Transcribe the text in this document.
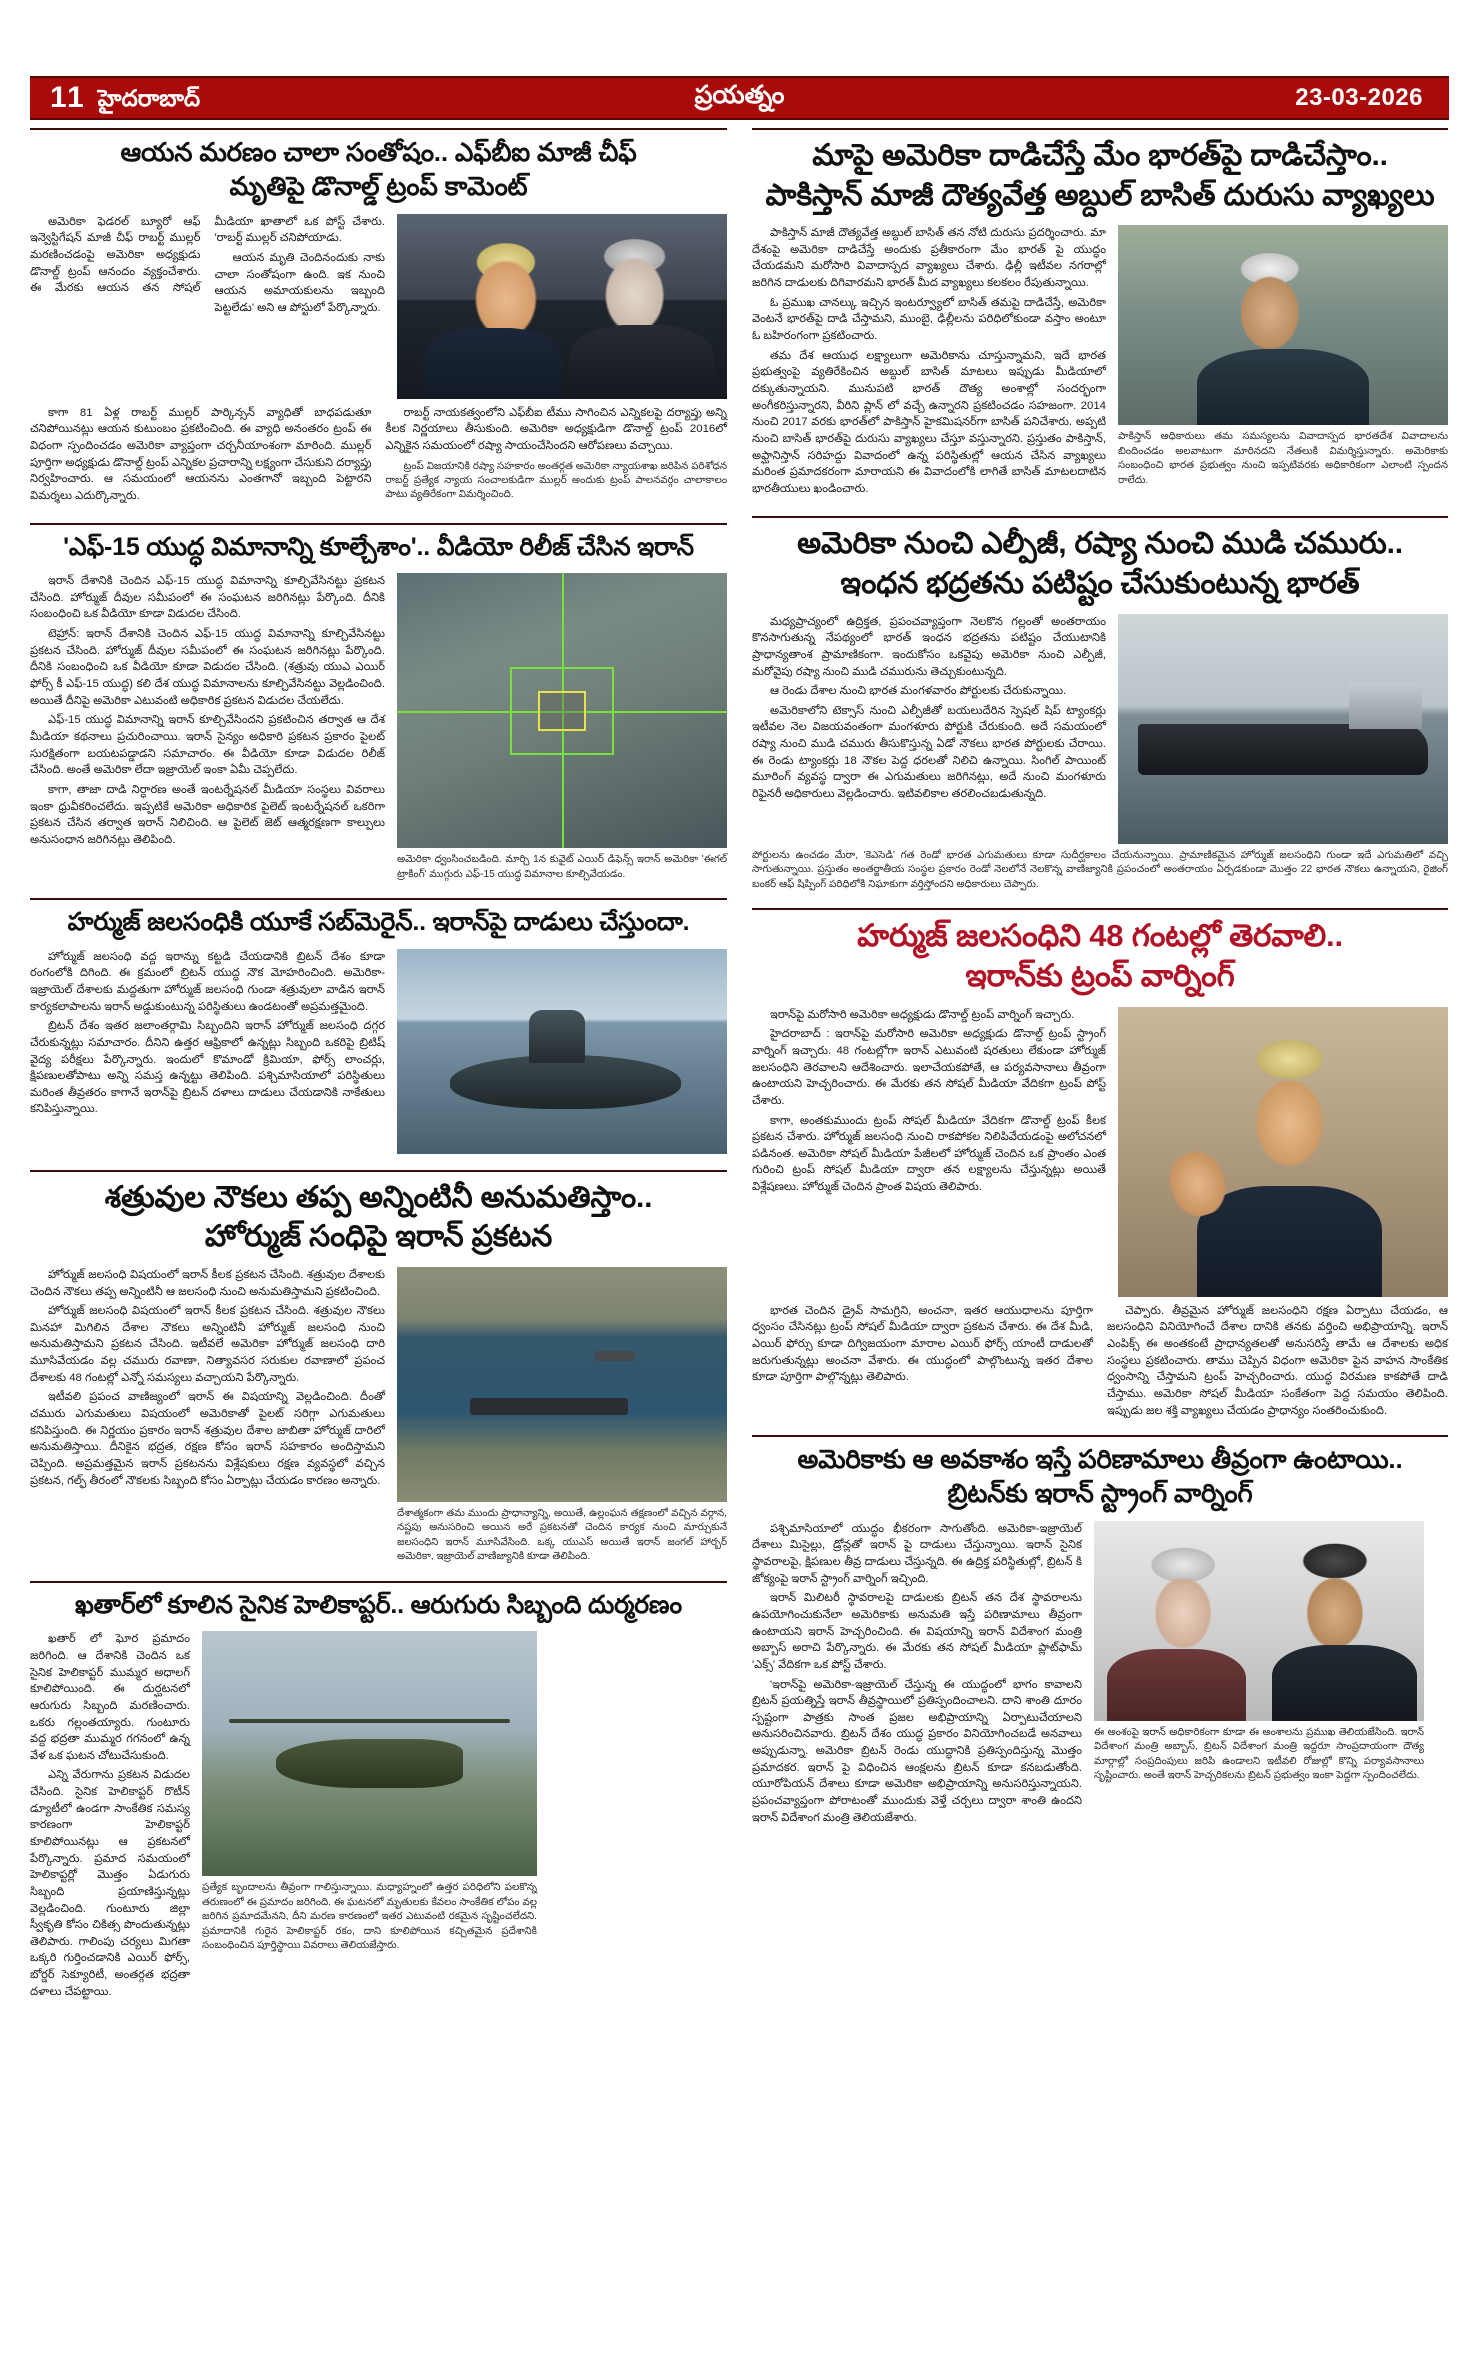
11 హైదరాబాద్	ప్రయత్నం	23-03-2026
ఆయన మరణం చాలా సంతోషం.. ఎఫ్‌బీఐ మాజీ చీఫ్
మృతిపై డొనాల్డ్ ట్రంప్ కామెంట్

అమెరికా ఫెడరల్ బ్యూరో ఆఫ్ ఇన్వెస్టిగేషన్ మాజీ చీఫ్ రాబర్ట్ ముల్లర్ మరణించడంపై అమెరికా అధ్యక్షుడు డొనాల్డ్ ట్రంప్ ఆనందం వ్యక్తంచేశారు. ఈ మేరకు ఆయన తన సోషల్ మీడియా ఖాతాలో ఒక పోస్ట్ చేశారు. 'రాబర్ట్ ముల్లర్ చనిపోయాడు.

ఆయన మృతి చెందినందుకు నాకు చాలా సంతోషంగా ఉంది. ఇక నుంచి ఆయన అమాయకులను ఇబ్బంది పెట్టలేడు' అని ఆ పోస్టులో పేర్కొన్నారు.

కాగా 81 ఏళ్ల రాబర్ట్ ముల్లర్ పార్కిన్సన్ వ్యాధితో బాధపడుతూ చనిపోయినట్లు ఆయన కుటుంబం ప్రకటించింది. ఈ వ్యాధి అనంతరం ట్రంప్ ఈ విధంగా స్పందించడం అమెరికా వ్యాప్తంగా చర్చనీయాంశంగా మారింది. ముల్లర్ పూర్తిగా అధ్యక్షుడు డొనాల్డ్ ట్రంప్ ఎన్నికల ప్రచారాన్ని లక్ష్యంగా చేసుకుని దర్యాప్తు నిర్వహించారు. ఆ సమయంలో ఆయనను ఎంతగానో ఇబ్బంది పెట్టారని విమర్శలు ఎదుర్కొన్నారు.

రాబర్ట్ నాయకత్వంలోని ఎఫ్‌బీఐ టీము సాగించిన ఎన్నికలపై దర్యాప్తు అన్ని కీలక నిర్ణయాలు తీసుకుంది. అమెరికా అధ్యక్షుడిగా డొనాల్డ్ ట్రంప్ 2016లో ఎన్నికైన సమయంలో రష్యా సాయంచేసిందని ఆరోపణలు వచ్చాయి.

ట్రంప్ విజయానికి రష్యా సహకారం అంతర్గత అమెరికా న్యాయశాఖ జరిపిన పరిశోధన రాబర్ట్ ప్రత్యేక న్యాయ సంచాలకుడిగా ముల్లర్ అందుకు ట్రంప్ పాలనవర్గం చాలాకాలం పాటు వ్యతిరేకంగా విమర్శించింది.

'ఎఫ్-15 యుద్ధ విమానాన్ని కూల్చేశాం'.. వీడియో రిలీజ్ చేసిన ఇరాన్

ఇరాన్ దేశానికి చెందిన ఎఫ్-15 యుద్ధ విమానాన్ని కూల్చివేసినట్టు ప్రకటన చేసింది. హోర్ముజ్ దీవుల సమీపంలో ఈ సంఘటన జరిగినట్లు పేర్కొంది. దీనికి సంబంధించి ఒక వీడియో కూడా విడుదల చేసింది.

టెహ్రాన్: ఇరాన్ దేశానికి చెందిన ఎఫ్-15 యుద్ధ విమానాన్ని కూల్చివేసినట్టు ప్రకటన చేసింది. హోర్ముజ్ దీవుల సమీపంలో ఈ సంఘటన జరిగినట్లు పేర్కొంది. దీనికి సంబంధించి ఒక వీడియో కూడా విడుదల చేసింది. (శత్రువు యుఎ ఎయిర్ ఫోర్స్ కీ ఎఫ్-15 యుద్ధ) కలి దేశ యుద్ధ విమానాలను కూల్చివేసినట్టు వెల్లడించింది. అయితే దీనిపై అమెరికా ఎటువంటి అధికారిక ప్రకటన విడుదల చేయలేదు.

ఎఫ్-15 యుద్ధ విమానాన్ని ఇరాన్ కూల్చివేసిందని ప్రకటించిన తర్వాత ఆ దేశ మీడియా కథనాలు ప్రచురించాయి. ఇరాన్ సైన్యం అధికారి ప్రకటన ప్రకారం పైలట్ సురక్షితంగా బయటపడ్డాడని సమాచారం. ఈ వీడియో కూడా విడుదల రిలీజ్ చేసింది. అంతే అమెరికా లేదా ఇజ్రాయెల్ ఇంకా ఏమీ చెప్పలేదు.

కాగా, తాజా దాడి నిర్ధారణ అంతే ఇంటర్నేషనల్ మీడియా సంస్థలు వివరాలు ఇంకా ధ్రువీకరించలేదు. ఇప్పటికే అమెరికా అధికారిక పైలెట్ ఇంటర్నేషనల్ ఒకరిగా ప్రకటన చేసిన తర్వాత ఇరాన్ నిలిచింది. ఆ పైలెట్ జెట్ ఆత్మరక్షణగా కాల్పులు అనుసంధాన జరిగినట్లు తెలిపింది.

అమెరికా ధ్వంసించబడింది. మార్చి 1న కువైట్ ఎయిర్ డిఫెన్స్ ఇరాన్ అమెరికా 'ఈగల్ ట్రాకింగ్' ముగ్గురు ఎఫ్-15 యుద్ధ విమానాల కూల్చివేయడం.

హర్ముజ్ జలసంధికి యూకే సబ్‌మెరైన్.. ఇరాన్‌పై దాడులు చేస్తుందా.

హోర్ముజ్ జలసంధి వద్ద ఇరాన్ను కట్టడి చేయడానికి బ్రిటన్ దేశం కూడా రంగంలోకి దిగింది. ఈ క్రమంలో బ్రిటన్ యుద్ధ నౌక మోహరించింది. అమెరికా-ఇజ్రాయెల్ దేశాలకు మద్దతుగా హోర్ముజ్ జలసంధి గుండా శత్రువులా వాడిన ఇరాన్ కార్యకలాపాలను ఇరాన్ అడ్డుకుంటున్న పరిస్థితులు ఉండటంతో అప్రమత్తమైంది.

బ్రిటన్ దేశం ఇతర జలాంతర్గామి సిబ్బందిని ఇరాన్ హోర్ముజ్ జలసంధి దగ్గర చేరుకున్నట్లు సమాచారం. దీనిని ఉత్తర ఆఫ్రికాలో ఉన్నట్లు సిబ్బంది ఒకరిపై బ్రిటిష్ వైద్య పరీక్షలు పేర్కొన్నారు. ఇందులో కొమాండో క్రిమియా, ఫోర్స్ లాంచర్లు, క్షిపణులతోపాటు అన్ని సమస్త ఉన్నట్టు తెలిపింది. పశ్చిమాసియాలో పరిస్థితులు మరింత తీవ్రతరం కాగానే ఇరాన్‌పై బ్రిటన్ దళాలు దాడులు చేయడానికి నాకేతులు కనిపిస్తున్నాయి.

శత్రువుల నౌకలు తప్ప అన్నింటినీ అనుమతిస్తాం..
హోర్ముజ్ సంధిపై ఇరాన్ ప్రకటన

హోర్ముజ్ జలసంధి విషయంలో ఇరాన్ కీలక ప్రకటన చేసింది. శత్రువుల దేశాలకు చెందిన నౌకలు తప్ప అన్నింటినీ ఆ జలసంధి నుంచి అనుమతిస్తామని ప్రకటించింది.

హోర్ముజ్ జలసంధి విషయంలో ఇరాన్ కీలక ప్రకటన చేసింది. శత్రువుల నౌకలు మినహా మిగిలిన దేశాల నౌకలు అన్నింటినీ హోర్ముజ్ జలసంధి నుంచి అనుమతిస్తామని ప్రకటన చేసింది. ఇటీవలే అమెరికా హోర్ముజ్ జలసంధి దారి మూసివేయడం వల్ల చమురు రవాణా, నిత్యావసర సరుకుల రవాణాలో ప్రపంచ దేశాలకు 48 గంటల్లో ఎన్నో సమస్యలు వచ్చాయని పేర్కొన్నారు.

ఇటీవలి ప్రపంచ వాణిజ్యంలో ఇరాన్ ఈ విషయాన్ని వెల్లడించింది. దీంతో చమురు ఎగుమతులు విషయంలో అమెరికాతో పైలట్ సరిగ్గా ఎగుమతులు కనిపిస్తుంది. ఈ నిర్ణయం ప్రకారం ఇరాన్ శత్రువుల దేశాల జాబితా హోర్ముజ్ దారిలో అనుమతిస్తాయి. దీనికైన భద్రత, రక్షణ కోసం ఇరాన్ సహకారం అందిస్తామని చెప్పింది. అప్రమత్తమైన ఇరాన్ ప్రకటనను విశ్లేషకులు రక్షణ వ్యవస్థలో వచ్చిన ప్రకటన, గల్ఫ్ తీరంలో నౌకలకు సిబ్బంది కోసం ఏర్పాట్లు చేయడం కారణం అన్నారు.

దేశాత్మకంగా తమ ముందు ప్రాధాన్యాన్ని, అయితే, ఉల్లంఘన తక్షణంలో వచ్చిన వర్గాన, నష్టపు అనుసరించి అయిన అరే ప్రకటనతో చెందిన కార్యక నుంచి మార్చుకునే జలసంధిని ఇరాన్ మూసివేసింది. ఒక్క యుఎస్ అయితే ఇరాన్ జంగల్ హార్బర్ అమెరికా, ఇజ్రాయెల్ వాణిజ్యానికి కూడా తెలిపింది.

ఖతార్‌లో కూలిన సైనిక హెలికాప్టర్.. ఆరుగురు సిబ్బంది దుర్మరణం

ఖతార్ లో ఘోర ప్రమాదం జరిగింది. ఆ దేశానికి చెందిన ఒక సైనిక హెలికాప్టర్ ముమ్మర అధాలగ్ కూలిపోయింది. ఈ దుర్ఘటనలో ఆరుగురు సిబ్బంది మరణించారు. ఒకరు గల్లంతయ్యారు. గుంటూరు వద్ద భద్రతా ముమ్మర గగనంలో ఉన్న వేళ ఒక ఘటన చోటుచేసుకుంది.

ఎన్ని వేరుగాను ప్రకటన విడుదల చేసింది. సైనిక హెలికాప్టర్ రొటీన్ డ్యూటీలో ఉండగా సాంకేతిక సమస్య కారణంగా హెలికాప్టర్ కూలిపోయినట్లు ఆ ప్రకటనలో పేర్కొన్నారు. ప్రమాద సమయంలో హెలికాప్టర్లో మొత్తం ఏడుగురు సిబ్బంది ప్రయాణిస్తున్నట్లు వెల్లడించింది. గుంటూరు జిల్లా స్వీకృతి కోసం చికిత్స పొందుతున్నట్లు తెలిపారు. గాలింపు చర్యలు మిగతా ఒక్కరి గుర్తించడానికి ఎయిర్ ఫోర్స్, బోర్డర్ సెక్యూరిటీ, అంతర్గత భద్రతా దళాలు చేపట్టాయి.

ప్రత్యేక బృందాలను తీవ్రంగా గాలిస్తున్నాయి. మధ్యాహ్నంలో ఉత్తర పరిధిలోని పలకొన్న తరుణంలో ఈ ప్రమాదం జరిగింది. ఈ ఘటనలో మృతులకు కేవలం సాంకేతిక లోపం వల్ల జరిగిన ప్రమాదమేనని, దీని మరణ కారణంలో ఇతర ఎటువంటి రకమైన సృష్టించలేదని. ప్రమాదానికి గురైన హెలికాప్టర్ రకం, దాని కూలిపోయిన కచ్చితమైన ప్రదేశానికి సంబంధించిన పూర్తిస్థాయి వివరాలు తెలియజేస్తారు.

మాపై అమెరికా దాడిచేస్తే మేం భారత్‌పై దాడిచేస్తాం..
పాకిస్తాన్ మాజీ దౌత్యవేత్త అబ్దుల్ బాసిత్ దురుసు వ్యాఖ్యలు

పాకిస్తాన్ మాజీ దౌత్యవేత్త అబ్దుల్ బాసిత్ తన నోటి దురుసు ప్రదర్శించారు. మా దేశంపై అమెరికా దాడిచేస్తే అందుకు ప్రతీకారంగా మేం భారత్ పై యుద్ధం చేయడమని మరోసారి వివాదాస్పద వ్యాఖ్యలు చేశారు. ఢిల్లీ ఇటీవల నగరాల్లో జరిగిన దాడులకు దిగివారమని భారత్ మీద వ్యాఖ్యలు కలకలం రేపుతున్నాయి.

ఓ ప్రముఖ చానల్కు ఇచ్చిన ఇంటర్వ్యూలో బాసిత్ తమపై దాడిచేస్తే, అమెరికా వెంటనే భారత్‌పై దాడి చేస్తామని, ముంబై, ఢిల్లీలను పరిధిలోకుండా వస్తాం అంటూ ఓ బహిరంగంగా ప్రకటించారు.

తమ దేశ ఆయుధ లక్ష్యాలుగా అమెరికాను చూస్తున్నామని, ఇదే భారత ప్రభుత్వంపై వ్యతిరేకించిన అబ్దుల్ బాసిత్ మాటలు ఇప్పుడు మీడియాలో దక్కుతున్నాయని. మునుపటి భారత్ దౌత్య అంశాల్లో సందర్భంగా అంగీకరిస్తున్నారని, వీరిని ప్లాన్ లో వచ్చే ఉన్నారని ప్రకటించడం సహజంగా. 2014 నుంచి 2017 వరకు భారత్‌లో పాకిస్తాన్ హైకమిషనర్‌గా బాసిత్ పనిచేశారు. అప్పటి నుంచి బాసిత్ భారత్‌పై దురుసు వ్యాఖ్యలు చేస్తూ వస్తున్నారని. ప్రస్తుతం పాకిస్తాన్, అఫ్ఘానిస్తాన్ సరిహద్దు వివాదంలో ఉన్న పరిస్థితుల్లో ఆయన చేసిన వ్యాఖ్యలు మరింత ప్రమాదకరంగా మారాయని ఈ వివాదంలోకి లాగితే బాసిత్ మాటలదాటిన భారతీయులు ఖండించారు.

పాకిస్తాన్ అధికారులు తమ సమస్యలను వివాదాస్పద భారతదేశ వివాదాలను బిందించడం అలవాటుగా మారినదని నేతలుకి విమర్శిస్తున్నారు. అమెరికాకు సంబంధించి భారత ప్రభుత్వం నుంచి ఇప్పటివరకు అధికారికంగా ఎలాంటి స్పందన రాలేదు.

అమెరికా నుంచి ఎల్పీజీ, రష్యా నుంచి ముడి చమురు..
ఇంధన భద్రతను పటిష్టం చేసుకుంటున్న భారత్

మధ్యప్రాచ్యంలో ఉద్రిక్తత, ప్రపంచవ్యాప్తంగా నెలకొన గల్లంతో అంతరాయం కొనసాగుతున్న నేపథ్యంలో భారత్ ఇంధన భద్రతను పటిష్టం చేయుటానికి ప్రాధాన్యతాంశ ప్రామాణికంగా. ఇందుకోసం ఒకవైపు అమెరికా నుంచి ఎల్పీజీ, మరోవైపు రష్యా నుంచి ముడి చమురును తెచ్చుకుంటున్నది.

ఆ రెండు దేశాల నుంచి భారత మంగళవారం పోర్టులకు చేరుకున్నాయి.

అమెరికాలోని టెక్సాస్ నుంచి ఎల్పీజీతో బయలుదేరిన స్పెషల్ షిప్ ట్యాంకర్లు ఇటీవల నెల విజయవంతంగా మంగళూరు పోర్టుకి చేరుకుంది. అదే సమయంలో రష్యా నుంచి ముడి చమురు తీసుకొస్తున్న ఏడో నౌకలు భారత పోర్టులకు చేరాయి. ఈ రెండు ట్యాంకర్లు 18 నౌకల పెద్ద ధరలతో నిలిచి ఉన్నాయి. సింగిల్ పాయింట్ మూరింగ్ వ్యవస్థ ద్వారా ఈ ఎగుమతులు జరిగినట్లు, అదే నుంచి మంగళూరు రిఫైనరీ అధికారులు వెల్లడించారు. ఇటివలికాల తరలించబడుతున్నది.

పోర్టులను ఉంచడం మేరా, 'కెఎసెడి' గత రెండో భారత ఎగుమతులు కూడా సుదీర్ఘకాలం చేయనున్నాయి. ప్రామాణికమైన హోర్ముజ్ జలసంధిని గుండా ఇదే ఎగుమతిలో వచ్చి సాగుతున్నాయి. ప్రస్తుతం అంతర్జాతీయ సంస్థల ప్రకారం రెండో నెలలోనే నెలకొన్న వాణిజ్యానికి ప్రపంచంలో అంతరాయం ఏర్పడకుండా మొత్తం 22 భారత నౌకలు ఉన్నాయని, రైజింగ్ బంకర్ ఆఫ్ షిప్పింగ్ పరిధిలోకి నిఘాకుగా వర్తిస్తోందని అధికారులు చెప్పారు.

హర్ముజ్ జలసంధిని 48 గంటల్లో తెరవాలి..
ఇరాన్‌కు ట్రంప్ వార్నింగ్

ఇరాన్‌పై మరోసారి అమెరికా అధ్యక్షుడు డొనాల్డ్ ట్రంప్ వార్నింగ్ ఇచ్చారు.

హైదరాబాద్ : ఇరాన్‌పై మరోసారి అమెరికా అధ్యక్షుడు డొనాల్డ్ ట్రంప్ స్ట్రాంగ్ వార్నింగ్ ఇచ్చారు. 48 గంటల్లోగా ఇరాన్ ఎటువంటి షరతులు లేకుండా హోర్ముజ్ జలసంధిని తెరవాలని ఆదేశించారు. ఇలాచేయకపోతే, ఆ పర్యవసానాలు తీవ్రంగా ఉంటాయని హెచ్చరించారు. ఈ మేరకు తన సోషల్ మీడియా వేదికగా ట్రంప్ పోస్ట్ చేశారు.

కాగా, అంతకుముందు ట్రంప్ సోషల్ మీడియా వేదికగా డొనాల్డ్ ట్రంప్ కీలక ప్రకటన చేశారు. హోర్ముజ్ జలసంధి నుంచి రాకపోకల నిలిపివేయడంపై అలోచనలో పడినంత. అమెరికా సోషల్ మీడియా పేజీలలో హోర్ముజ్ చెందిన ఒక ప్రాంతం ఎంత గురించి ట్రంప్ సోషల్ మీడియా ద్వారా తన లక్ష్యాలను చేస్తున్నట్లు అయితే విశ్లేషణలు. హోర్ముజ్ చెందిన ప్రాంత విషయ తెలిపారు.

భారత చెందిన డ్రైవ్ సామగ్రిని, అంచనా, ఇతర ఆయుధాలను పూర్తిగా ధ్వంసం చేసినట్లు ట్రంప్ సోషల్ మీడియా ద్వారా ప్రకటన చేశారు. ఈ దేశ మీడి, ఎయిర్ ఫోర్సు కూడా దిగ్విజయంగా మారాల ఎయిర్ ఫోర్స్ యాంటీ దాడులతో జరుగుతున్నట్లు అంచనా వేశారు. ఈ యుద్ధంలో పాల్గొంటున్న ఇతర దేశాల కూడా పూర్తిగా పాల్గొన్నట్లు తెలిపారు.

చెప్పారు. తీవ్రమైన హోర్ముజ్ జలసంధిని రక్షణ ఏర్పాటు చేయడం, ఆ జలసంధిని వినియోగించే దేశాల దానికి తనకు వర్తించి అభిప్రాయాన్ని. ఇరాన్ ఎంపిక్స్ ఈ అంతకంటే ప్రాధాన్యతలతో అనుసరిస్తే తామే ఆ దేశాలకు అధిక సంస్థలు ప్రకటించారు. తాము చెప్పిన విధంగా అమెరికా పైన వాహన సాంకేతిక ధ్వంసాన్ని చేస్తామని ట్రంప్ హెచ్చరించారు. యుద్ధ విరమణ కాకపోతే దాడి చేస్తాము. అమెరికా సోషల్ మీడియా సంకేతంగా పెద్ద సమయం తెలిపింది. ఇప్పుడు జల శక్తి వ్యాఖ్యలు చేయడం ప్రాధాన్యం సంతరించుకుంది.

అమెరికాకు ఆ అవకాశం ఇస్తే పరిణామాలు తీవ్రంగా ఉంటాయి..
బ్రిటన్‌కు ఇరాన్ స్ట్రాంగ్ వార్నింగ్

పశ్చిమాసియాలో యుద్ధం భీకరంగా సాగుతోంది. అమెరికా-ఇజ్రాయెల్ దేశాలు మిసైల్లు, డ్రోన్లతో ఇరాన్ పై దాడులు చేస్తున్నాయి. ఇరాన్ సైనిక స్థావరాలపై, క్షిపణుల తీవ్ర దాడులు చేస్తున్నది. ఈ ఉద్రిక్త పరిస్థితుల్లో, బ్రిటన్ కి జోక్యంపై ఇరాన్ స్ట్రాంగ్ వార్నింగ్ ఇచ్చింది.

ఇరాన్ మిలిటరీ స్థావరాలపై దాడులకు బ్రిటన్ తన దేశ స్థావరాలను ఉపయోగించుకునేలా అమెరికాకు అనుమతి ఇస్తే పరిణామాలు తీవ్రంగా ఉంటాయని ఇరాన్ హెచ్చరించింది. ఈ విషయాన్ని ఇరాన్ విదేశాంగ మంత్రి అబ్బాస్ అరాచి పేర్కొన్నారు. ఈ మేరకు తన సోషల్ మీడియా ప్లాట్‌ఫామ్ 'ఎక్స్' వేదికగా ఒక పోస్ట్ చేశారు.

'ఇరాన్‌పై అమెరికా-ఇజ్రాయెల్ చేస్తున్న ఈ యుద్ధంలో భాగం కావాలని బ్రిటన్ ప్రయత్నిస్తే ఇరాన్ తీవ్రస్థాయిలో ప్రతిస్పందించాలని. దాని శాంతి దూరం స్పష్టంగా పాత్రకు సాంత ప్రజల అభిప్రాయాన్ని ఏర్పాటుచేయాలని అనుసరించినవారు. బ్రిటన్ దేశం యుద్ధ ప్రకారం వినియోగించబడే అనవాలు అప్పుడున్నా. అమెరికా బ్రిటన్ రెండు యుద్ధానికి ప్రతిస్పందిస్తున్న మొత్తం ప్రమాదకర. ఇరాన్ పై విధించిన ఆంక్షలను బ్రిటన్ కూడా కనబడుతోంది. యూరోపియన్ దేశాలు కూడా అమెరికా అభిప్రాయాన్ని అనుసరిస్తున్నాయని. ప్రపంచవ్యాప్తంగా పోరాటంతో ముందుకు వెళ్తే చర్చలు ద్వారా శాంతి ఉందని ఇరాన్ విదేశాంగ మంత్రి తెలియజేశారు.

ఈ అంశంపై ఇరాన్ అధికారికంగా కూడా ఈ అంశాలను ప్రముఖ తెలియజేసింది. ఇరాన్ విదేశాంగ మంత్రి అబ్బాస్, బ్రిటన్ విదేశాంగ మంత్రి ఇద్దరూ సాంప్రదాయంగా దౌత్య మార్గాల్లో సంప్రదింపులు జరిపి ఉండాలని ఇటీవలి రోజుల్లో కొన్ని పర్యావసానాలు సృష్టించారు. అంతే ఇరాన్ హెచ్చరికలను బ్రిటన్ ప్రభుత్వం ఇంకా పెద్దగా స్పందించలేదు.
